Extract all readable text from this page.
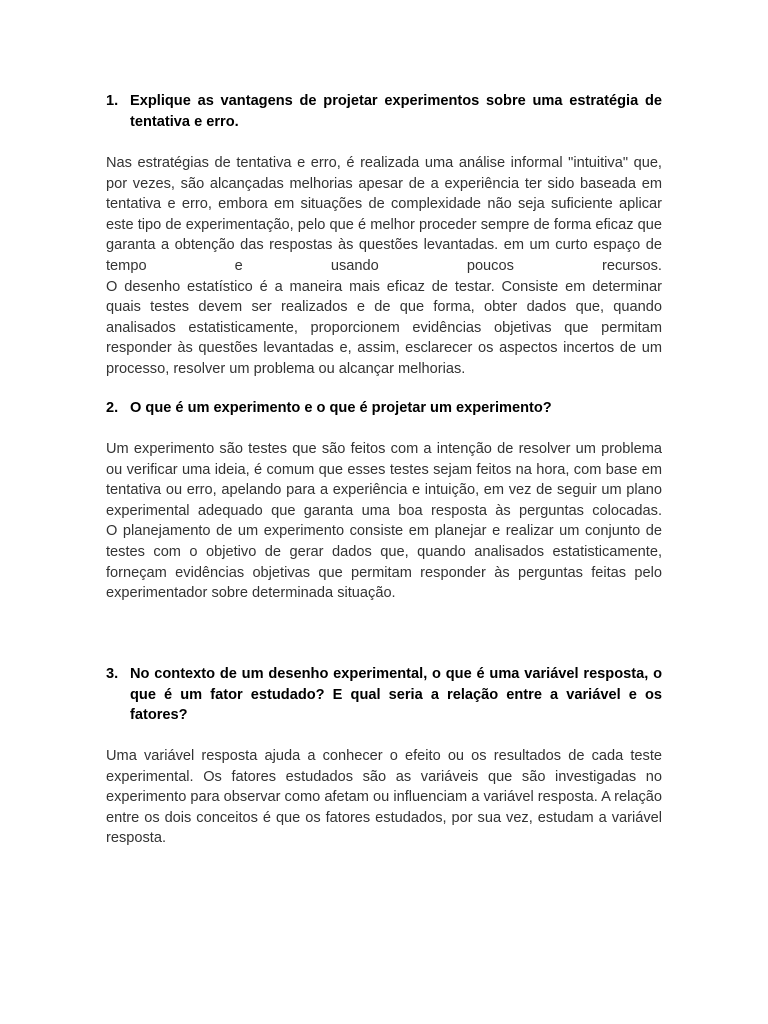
1. Explique as vantagens de projetar experimentos sobre uma estratégia de tentativa e erro.

Nas estratégias de tentativa e erro, é realizada uma análise informal "intuitiva" que, por vezes, são alcançadas melhorias apesar de a experiência ter sido baseada em tentativa e erro, embora em situações de complexidade não seja suficiente aplicar este tipo de experimentação, pelo que é melhor proceder sempre de forma eficaz que garanta a obtenção das respostas às questões levantadas. em um curto espaço de tempo e usando poucos recursos.

O desenho estatístico é a maneira mais eficaz de testar. Consiste em determinar quais testes devem ser realizados e de que forma, obter dados que, quando analisados estatisticamente, proporcionem evidências objetivas que permitam responder às questões levantadas e, assim, esclarecer os aspectos incertos de um processo, resolver um problema ou alcançar melhorias.

2. O que é um experimento e o que é projetar um experimento?

Um experimento são testes que são feitos com a intenção de resolver um problema ou verificar uma ideia, é comum que esses testes sejam feitos na hora, com base em tentativa ou erro, apelando para a experiência e intuição, em vez de seguir um plano experimental adequado que garanta uma boa resposta às perguntas colocadas.

O planejamento de um experimento consiste em planejar e realizar um conjunto de testes com o objetivo de gerar dados que, quando analisados estatisticamente, forneçam evidências objetivas que permitam responder às perguntas feitas pelo experimentador sobre determinada situação.

3. No contexto de um desenho experimental, o que é uma variável resposta, o que é um fator estudado? E qual seria a relação entre a variável e os fatores?

Uma variável resposta ajuda a conhecer o efeito ou os resultados de cada teste experimental. Os fatores estudados são as variáveis que são investigadas no experimento para observar como afetam ou influenciam a variável resposta. A relação entre os dois conceitos é que os fatores estudados, por sua vez, estudam a variável resposta.
